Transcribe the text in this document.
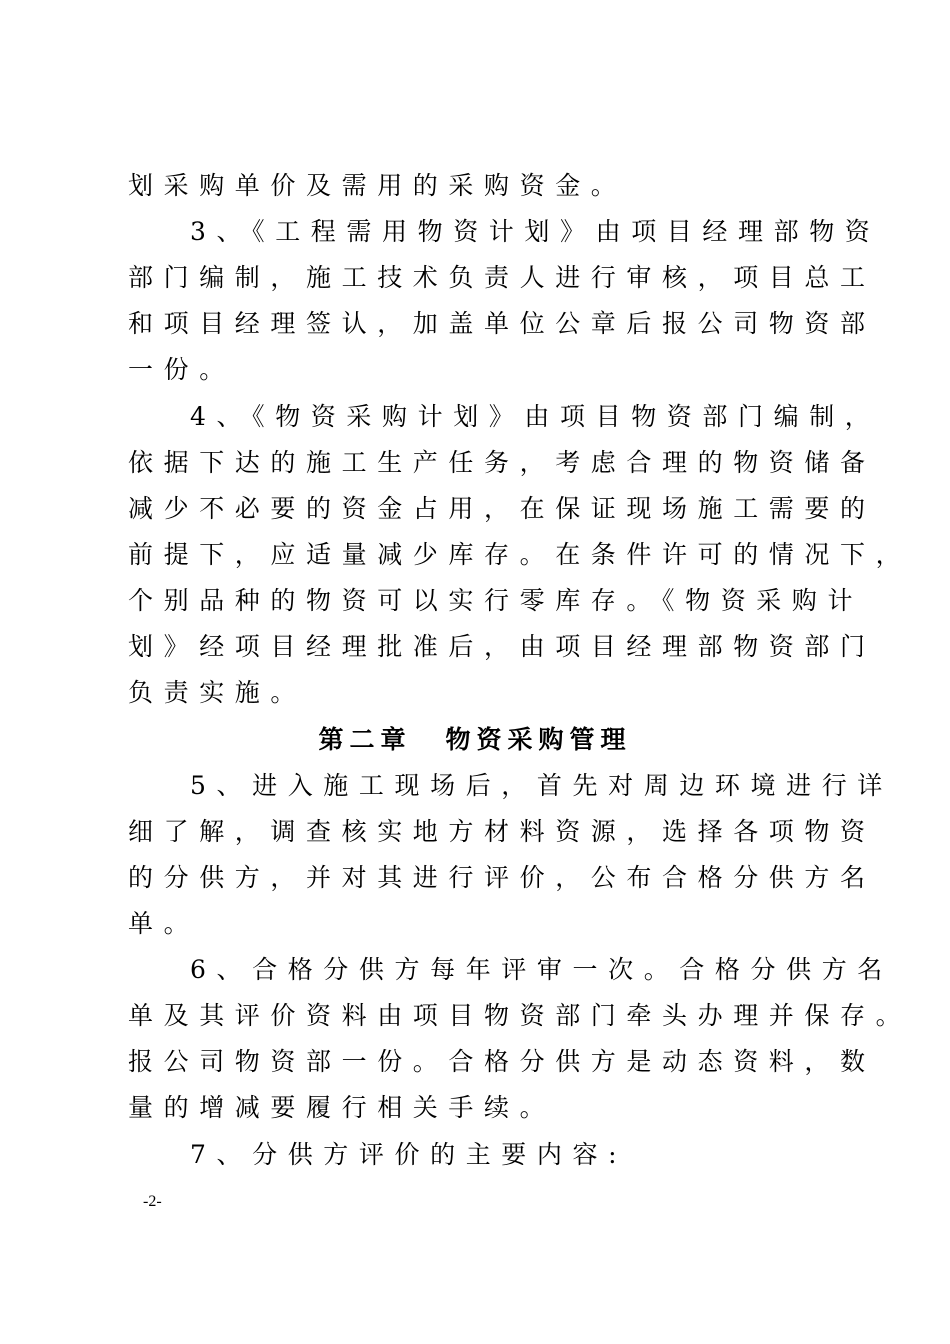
划采购单价及需用的采购资金。
3、《工程需用物资计划》由项目经理部物资
部门编制，施工技术负责人进行审核，项目总工
和项目经理签认，加盖单位公章后报公司物资部
一份。
4、《物资采购计划》由项目物资部门编制，
依据下达的施工生产任务，考虑合理的物资储备
减少不必要的资金占用，在保证现场施工需要的
前提下，应适量减少库存。在条件许可的情况下，
个别品种的物资可以实行零库存。《物资采购计
划》经项目经理批准后，由项目经理部物资部门
负责实施。
第二章 物资采购管理
5、进入施工现场后，首先对周边环境进行详
细了解，调查核实地方材料资源，选择各项物资
的分供方，并对其进行评价，公布合格分供方名
单。
6、合格分供方每年评审一次。合格分供方名
单及其评价资料由项目物资部门牵头办理并保存。
报公司物资部一份。合格分供方是动态资料，数
量的增减要履行相关手续。
7、分供方评价的主要内容:
-2-
